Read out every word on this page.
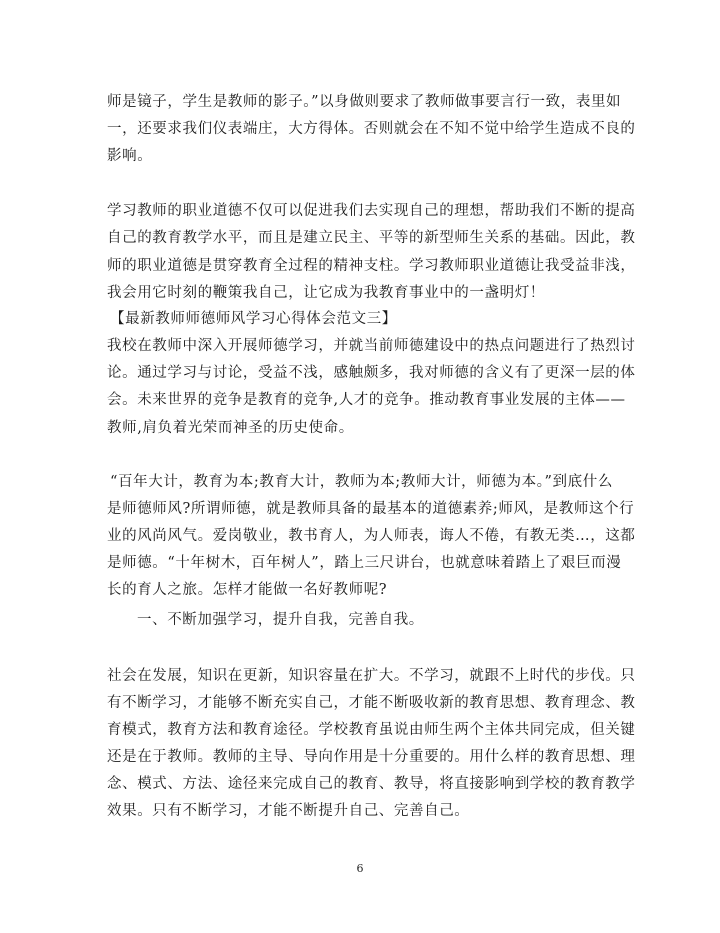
师是镜子，学生是教师的影子。”以身做则要求了教师做事要言行一致，表里如
一，还要求我们仪表端庄，大方得体。否则就会在不知不觉中给学生造成不良的
影响。
学习教师的职业道德不仅可以促进我们去实现自己的理想，帮助我们不断的提高
自己的教育教学水平，而且是建立民主、平等的新型师生关系的基础。因此，教
师的职业道德是贯穿教育全过程的精神支柱。学习教师职业道德让我受益非浅，
我会用它时刻的鞭策我自己，让它成为我教育事业中的一盏明灯！
【最新教师师德师风学习心得体会范文三】
我校在教师中深入开展师德学习，并就当前师德建设中的热点问题进行了热烈讨
论。通过学习与讨论，受益不浅，感触颇多，我对师德的含义有了更深一层的体
会。未来世界的竞争是教育的竞争,人才的竞争。推动教育事业发展的主体——
教师,肩负着光荣而神圣的历史使命。
“百年大计，教育为本;教育大计，教师为本;教师大计，师德为本。”到底什么
是师德师风?所谓师德，就是教师具备的最基本的道德素养;师风，是教师这个行
业的风尚风气。爱岗敬业，教书育人，为人师表，诲人不倦，有教无类…，这都
是师德。“十年树木，百年树人”，踏上三尺讲台，也就意味着踏上了艰巨而漫
长的育人之旅。怎样才能做一名好教师呢?
一、不断加强学习，提升自我，完善自我。
社会在发展，知识在更新，知识容量在扩大。不学习，就跟不上时代的步伐。只
有不断学习，才能够不断充实自己，才能不断吸收新的教育思想、教育理念、教
育模式，教育方法和教育途径。学校教育虽说由师生两个主体共同完成，但关键
还是在于教师。教师的主导、导向作用是十分重要的。用什么样的教育思想、理
念、模式、方法、途径来完成自己的教育、教导，将直接影响到学校的教育教学
效果。只有不断学习，才能不断提升自己、完善自己。
6
